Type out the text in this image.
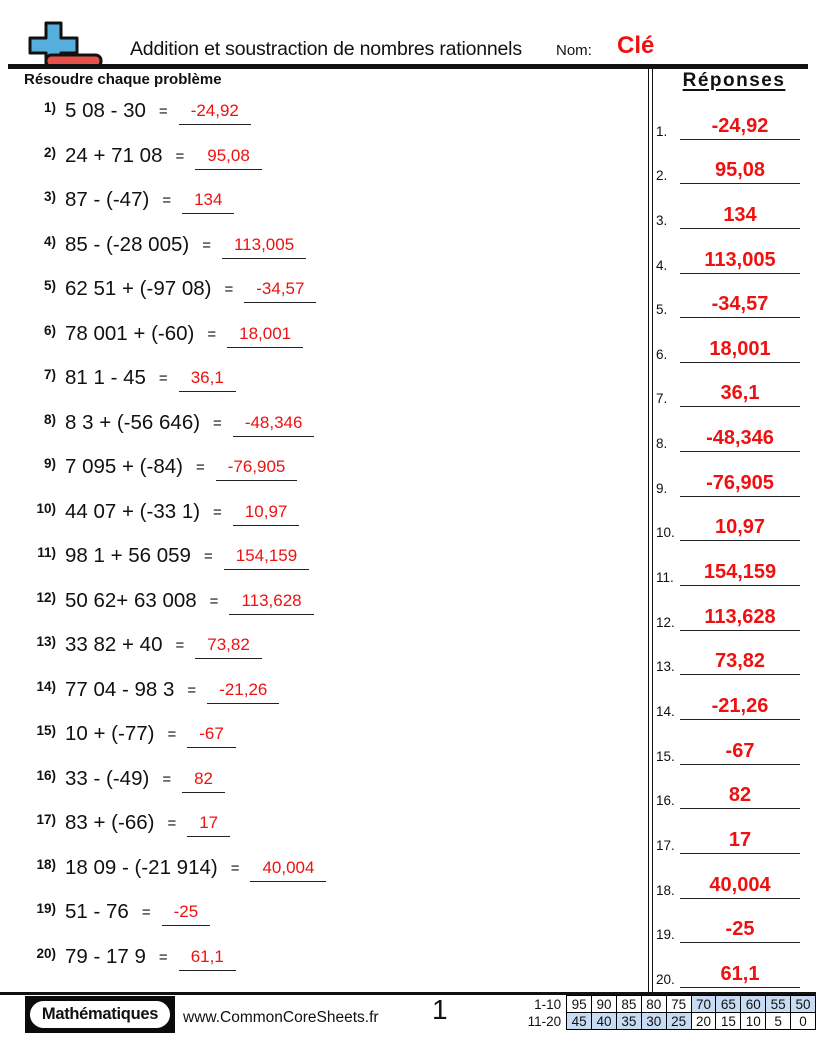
Addition et soustraction de nombres rationnels Nom: Clé
Résoudre chaque problème	Réponses
1) 5 08 - 30 =	-24,92
2) 24 + 71 08 =	95,08
3) 87 - (-47) =	134
4) 85 - (-28 005) =	113,005
5) 62 51 + (-97 08) =	-34,57
6) 78 001 + (-60) =	18,001
7) 81 1 - 45 =	36,1
8) 8 3 + (-56 646) =	-48,346
9) 7 095 + (-84) =	-76,905
10) 44 07 + (-33 1) =	10,97
11) 98 1 + 56 059 =	154,159
12) 50 62+ 63 008 =	113,628
13) 33 82 + 40 =	73,82
14) 77 04 - 98 3 =	-21,26
15) 10 + (-77) =	-67
16) 33 - (-49) =	82
17) 83 + (-66) =	17
18) 18 09 - (-21 914) =	40,004
19) 51 - 76 =	-25
20) 79 - 17 9 =	61,1
1.	-24,92
2.	95,08
3.	134
4.	113,005
5.	-34,57
6.	18,001
7.	36,1
8.	-48,346
9.	-76,905
10.	10,97
11.	154,159
12.	113,628
13.	73,82
14.	-21,26
15.	-67
16.	82
17.	17
18.	40,004
19.	-25
20.	61,1
Mathématiques	www.CommonCoreSheets.fr 1	1-10	95	90	85	80	75	70	65	60	55	50
11-20	45	40	35	30	25	20	15	10	5	0
